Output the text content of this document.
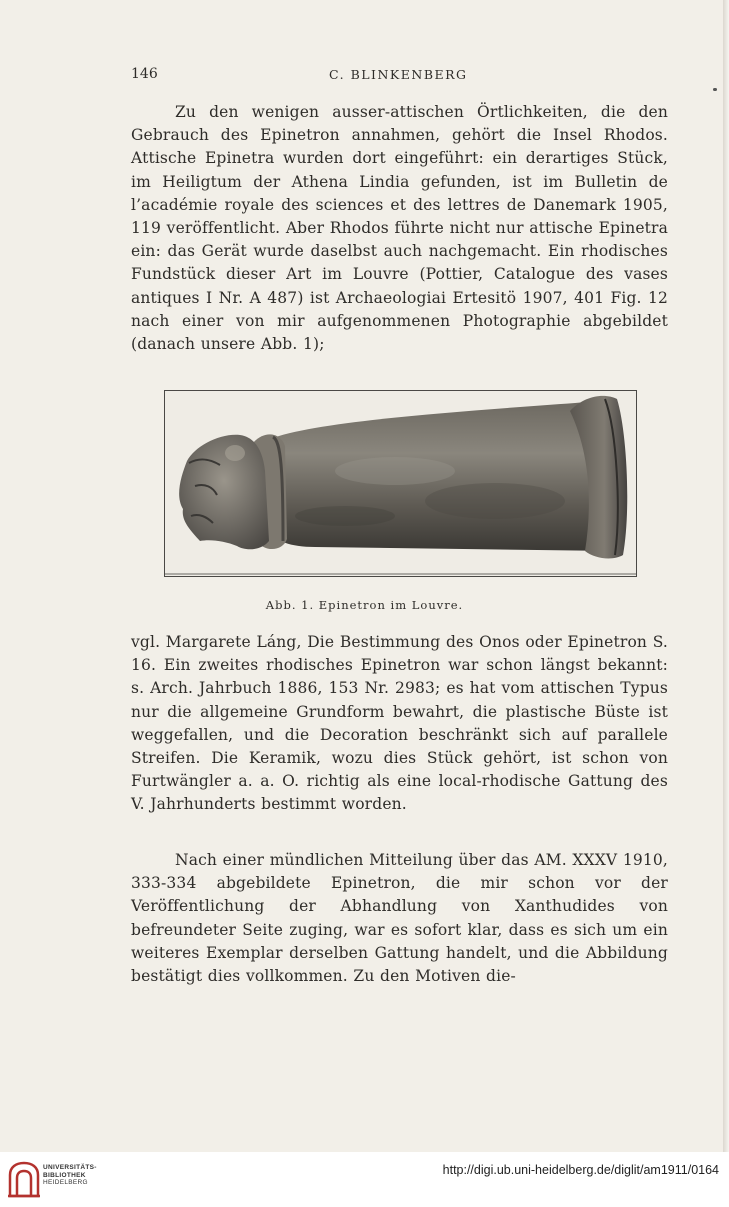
146	C. BLINKENBERG

Zu den wenigen ausser-attischen Örtlichkeiten, die den Gebrauch des Epinetron annahmen, gehört die Insel Rhodos. Attische Epinetra wurden dort eingeführt: ein derartiges Stück, im Heiligtum der Athena Lindia gefunden, ist im Bulletin de l’académie royale des sciences et des lettres de Danemark 1905, 119 veröffentlicht. Aber Rhodos führte nicht nur attische Epinetra ein: das Gerät wurde daselbst auch nachgemacht. Ein rhodisches Fundstück dieser Art im Louvre (Pottier, Catalogue des vases antiques I Nr. A 487) ist Archaeologiai Ertesitö 1907, 401 Fig. 12 nach einer von mir aufgenommenen Photographie abgebildet (danach unsere Abb. 1);

Abb. 1. Epinetron im Louvre.

vgl. Margarete Láng, Die Bestimmung des Onos oder Epinetron S. 16. Ein zweites rhodisches Epinetron war schon längst bekannt: s. Arch. Jahrbuch 1886, 153 Nr. 2983; es hat vom attischen Typus nur die allgemeine Grundform bewahrt, die plastische Büste ist weggefallen, und die Decoration beschränkt sich auf parallele Streifen. Die Keramik, wozu dies Stück gehört, ist schon von Furtwängler a. a. O. richtig als eine local-rhodische Gattung des V. Jahrhunderts bestimmt worden.

Nach einer mündlichen Mitteilung über das AM. XXXV 1910, 333-334 abgebildete Epinetron, die mir schon vor der Veröffentlichung der Abhandlung von Xanthudides von befreundeter Seite zuging, war es sofort klar, dass es sich um ein weiteres Exemplar derselben Gattung handelt, und die Abbildung bestätigt dies vollkommen. Zu den Motiven die-

UNIVERSITÄTS-
BIBLIOTHEK
HEIDELBERG
http://digi.ub.uni-heidelberg.de/diglit/am1911/0164
